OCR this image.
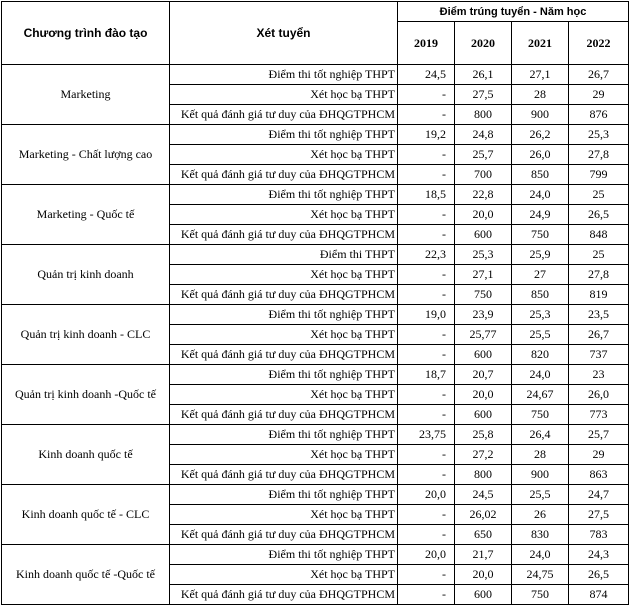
Chương trình đào tạo	Xét tuyển	Điểm trúng tuyển - Năm học			
		2019	2020	2021	2022
Marketing	Điểm thi tốt nghiệp THPT	24,5	26,1	27,1	26,7
	Xét học bạ THPT	-	27,5	28	29
	Kết quả đánh giá tư duy của ĐHQGTPHCM	-	800	900	876
Marketing - Chất lượng cao	Điểm thi tốt nghiệp THPT	19,2	24,8	26,2	25,3
	Xét học bạ THPT	-	25,7	26,0	27,8
	Kết quả đánh giá tư duy của ĐHQGTPHCM	-	700	850	799
Marketing - Quốc tế	Điểm thi tốt nghiệp THPT	18,5	22,8	24,0	25
	Xét học bạ THPT	-	20,0	24,9	26,5
	Kết quả đánh giá tư duy của ĐHQGTPHCM	-	600	750	848
Quản trị kinh doanh	Điểm thi THPT	22,3	25,3	25,9	25
	Xét học bạ THPT	-	27,1	27	27,8
	Kết quả đánh giá tư duy của ĐHQGTPHCM	-	750	850	819
Quản trị kinh doanh - CLC	Điểm thi tốt nghiệp THPT	19,0	23,9	25,3	23,5
	Xét học bạ THPT	-	25,77	25,5	26,7
	Kết quả đánh giá tư duy của ĐHQGTPHCM	-	600	820	737
Quản trị kinh doanh -Quốc tế	Điểm thi tốt nghiệp THPT	18,7	20,7	24,0	23
	Xét học bạ THPT	-	20,0	24,67	26,0
	Kết quả đánh giá tư duy của ĐHQGTPHCM	-	600	750	773
Kinh doanh quốc tế	Điểm thi tốt nghiệp THPT	23,75	25,8	26,4	25,7
	Xét học bạ THPT	-	27,2	28	29
	Kết quả đánh giá tư duy của ĐHQGTPHCM	-	800	900	863
Kinh doanh quốc tế - CLC	Điểm thi tốt nghiệp THPT	20,0	24,5	25,5	24,7
	Xét học bạ THPT	-	26,02	26	27,5
	Kết quả đánh giá tư duy của ĐHQGTPHCM	-	650	830	783
Kinh doanh quốc tế -Quốc tế	Điểm thi tốt nghiệp THPT	20,0	21,7	24,0	24,3
	Xét học bạ THPT	-	20,0	24,75	26,5
	Kết quả đánh giá tư duy của ĐHQGTPHCM	-	600	750	874
